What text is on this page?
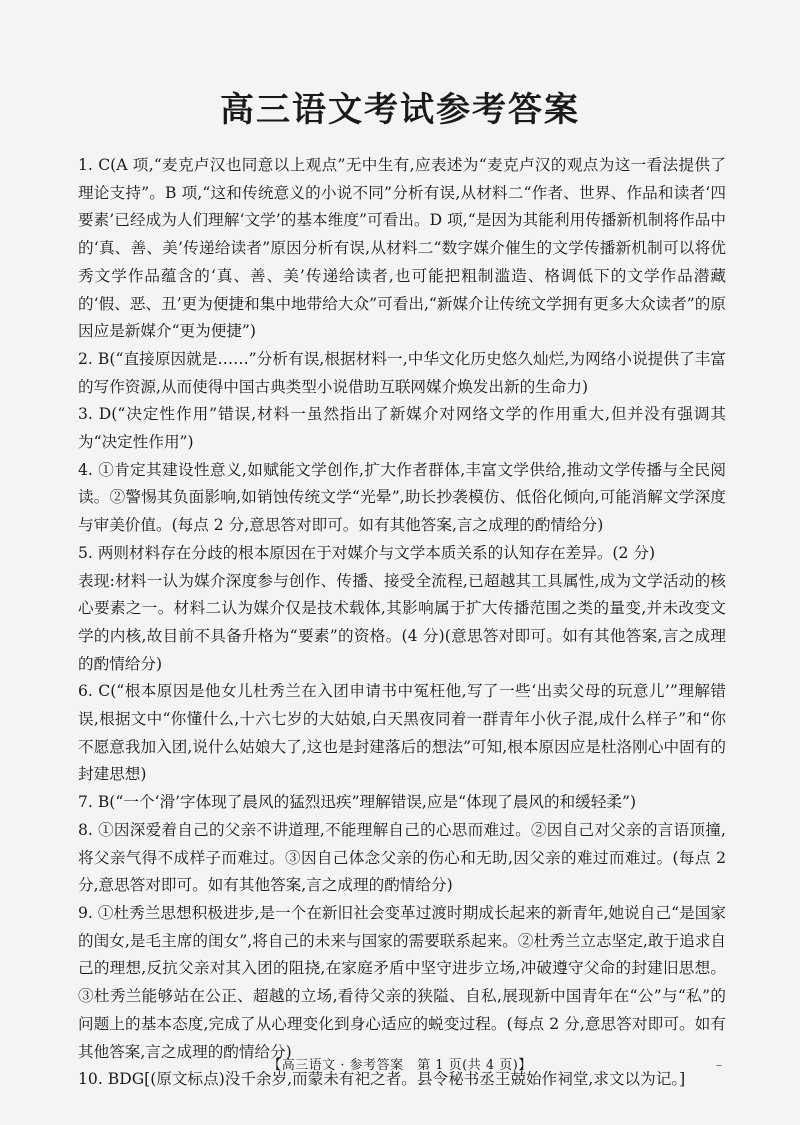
高三语文考试参考答案

1. C(A 项,“麦克卢汉也同意以上观点”无中生有,应表述为“麦克卢汉的观点为这一看法提供了理论支持”。B 项,“这和传统意义的小说不同”分析有误,从材料二“作者、世界、作品和读者‘四要素’已经成为人们理解‘文学’的基本维度”可看出。D 项,“是因为其能利用传播新机制将作品中的‘真、善、美’传递给读者”原因分析有误,从材料二“数字媒介催生的文学传播新机制可以将优秀文学作品蕴含的‘真、善、美’传递给读者,也可能把粗制滥造、格调低下的文学作品潜藏的‘假、恶、丑’更为便捷和集中地带给大众”可看出,“新媒介让传统文学拥有更多大众读者”的原因应是新媒介“更为便捷”)

2. B(“直接原因就是……”分析有误,根据材料一,中华文化历史悠久灿烂,为网络小说提供了丰富的写作资源,从而使得中国古典类型小说借助互联网媒介焕发出新的生命力)

3. D(“决定性作用”错误,材料一虽然指出了新媒介对网络文学的作用重大,但并没有强调其为“决定性作用”)

4. ①肯定其建设性意义,如赋能文学创作,扩大作者群体,丰富文学供给,推动文学传播与全民阅读。②警惕其负面影响,如销蚀传统文学“光晕”,助长抄袭模仿、低俗化倾向,可能消解文学深度与审美价值。(每点 2 分,意思答对即可。如有其他答案,言之成理的酌情给分)

5. 两则材料存在分歧的根本原因在于对媒介与文学本质关系的认知存在差异。(2 分)

表现:材料一认为媒介深度参与创作、传播、接受全流程,已超越其工具属性,成为文学活动的核心要素之一。材料二认为媒介仅是技术载体,其影响属于扩大传播范围之类的量变,并未改变文学的内核,故目前不具备升格为“要素”的资格。(4 分)(意思答对即可。如有其他答案,言之成理的酌情给分)

6. C(“根本原因是他女儿杜秀兰在入团申请书中冤枉他,写了一些‘出卖父母的玩意儿’”理解错误,根据文中“你懂什么,十六七岁的大姑娘,白天黑夜同着一群青年小伙子混,成什么样子”和“你不愿意我加入团,说什么姑娘大了,这也是封建落后的想法”可知,根本原因应是杜洛刚心中固有的封建思想)

7. B(“一个‘滑’字体现了晨风的猛烈迅疾”理解错误,应是“体现了晨风的和缓轻柔”)

8. ①因深爱着自己的父亲不讲道理,不能理解自己的心思而难过。②因自己对父亲的言语顶撞,将父亲气得不成样子而难过。③因自己体念父亲的伤心和无助,因父亲的难过而难过。(每点 2 分,意思答对即可。如有其他答案,言之成理的酌情给分)

9. ①杜秀兰思想积极进步,是一个在新旧社会变革过渡时期成长起来的新青年,她说自己“是国家的闺女,是毛主席的闺女”,将自己的未来与国家的需要联系起来。②杜秀兰立志坚定,敢于追求自己的理想,反抗父亲对其入团的阻挠,在家庭矛盾中坚守进步立场,冲破遵守父命的封建旧思想。③杜秀兰能够站在公正、超越的立场,看待父亲的狭隘、自私,展现新中国青年在“公”与“私”的问题上的基本态度,完成了从心理变化到身心适应的蜕变过程。(每点 2 分,意思答对即可。如有其他答案,言之成理的酌情给分)

10. BDG[(原文标点)没千余岁,而蒙未有祀之者。县令秘书丞王兢始作祠堂,求文以为记。]

【高三语文 · 参考答案　第 1 页(共 4 页)】	–
